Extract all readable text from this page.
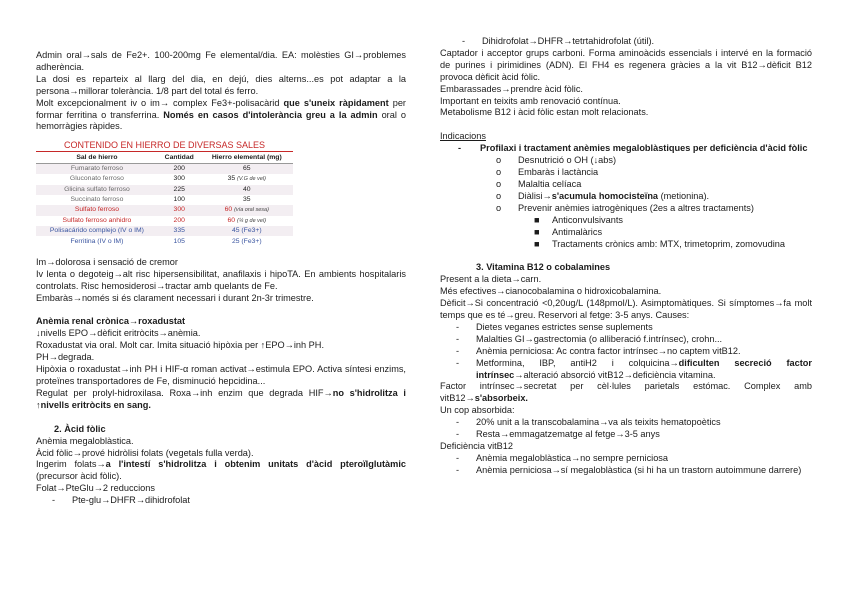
Admin oral→sals de Fe2+. 100-200mg Fe elemental/dia. EA: molèsties GI→problemes adherència.

La dosi es reparteix al llarg del dia, en dejú, dies alterns...es pot adaptar a la persona→millorar tolerància. 1/8 part del total és ferro.

Molt excepcionalment iv o im→ complex Fe3+-polisacàrid que s'uneix ràpidament per formar ferritina o transferrina. Només en casos d'intolerància greu a la admin oral o hemorràgies ràpides.

CONTENIDO EN HIERRO DE DIVERSAS SALES		
Sal de hierro	Cantidad	Hierro elemental (mg)
Fumarato ferroso	200	65
Gluconato ferroso	300	35 (V.G de vel)
Glicina sulfato ferroso	225	40
Succinato ferroso	100	35
Sulfato ferroso	300	60 (vía oral sesa)
Sulfato ferroso anhidro	200	60 (¼ g de vel)
Polisacárido complejo (IV o IM)	335	45 (Fe3+)
Ferritina (IV o IM)	105	25 (Fe3+)

Im→dolorosa i sensació de cremor

Iv lenta o degoteig→alt risc hipersensibilitat, anafilaxis i hipoTA. En ambients hospitalaris controlats. Risc hemosiderosi→tractar amb quelants de Fe.

Embaràs→només si és clarament necessari i durant 2n-3r trimestre.

Anèmia renal crònica→roxadustat

↓nivells EPO→dèficit eritròcits→anèmia.

Roxadustat via oral. Molt car. Imita situació hipòxia per ↑EPO→inh PH.

PH→degrada.

Hipòxia o roxadustat→inh PH i HIF-α roman activat→estimula EPO. Activa síntesi enzims, proteïnes transportadores de Fe, disminució hepcidina...

Regulat per prolyl-hidroxilasa. Roxa→inh enzim que degrada HIF→no s'hidrolitza i ↑nivells eritròcits en sang.

2. Àcid fòlic

Anèmia megaloblàstica.

Àcid fòlic→prové hidròlisi folats (vegetals fulla verda).

Ingerim folats→a l'intestí s'hidrolitza i obtenim unitats d'àcid pteroïlglutàmic (precursor àcid fòlic).

Folat→PteGlu→2 reduccions

- Pte-glu→DHFR→dihidrofolat
- Dihidrofolat→DHFR→tetrtahidrofolat (útil).

Captador i acceptor grups carboni. Forma aminoàcids essencials i intervé en la formació de purines i pirimidines (ADN). El FH4 es regenera gràcies a la vit B12→dèficit B12 provoca dèficit àcid fòlic.

Embarassades→prendre àcid fòlic.

Important en teixits amb renovació contínua.

Metabolisme B12 i àcid fòlic estan molt relacionats.

Indicacions

- Profilaxi i tractament anèmies megaloblàstiques per deficiència d'àcid fòlic
o Desnutrició o OH (↓abs)
o Embaràs i lactància
o Malaltia celíaca
o Diàlisi→s'acumula homocisteïna (metionina).
o Prevenir anèmies iatrogèniques (2es a altres tractaments)
■ Anticonvulsivants
■ Antimalàrics
■ Tractaments crònics amb: MTX, trimetoprim, zomovudina

3. Vitamina B12 o cobalamines

Present a la dieta→carn.

Més efectives→cianocobalamina o hidroxicobalamina.

Dèficit→Si concentració <0,20ug/L (148pmol/L). Asimptomàtiques. Si símptomes→fa molt temps que es té→greu. Reservori al fetge: 3-5 anys. Causes:

- Dietes veganes estrictes sense suplements
- Malalties GI→gastrectomia (o alliberació f.intrínsec), crohn...
- Anèmia perniciosa: Ac contra factor intrínsec→no captem vitB12.
- Metformina, IBP, antiH2 i colquicina→dificulten secreció factor intrínsec→alteració absorció vitB12→deficiència vitamina.

Factor intrínsec→secretat per cèl·lules parietals estómac. Complex amb vitB12→s'absorbeix.

Un cop absorbida:

- 20% unit a la transcobalamina→va als teixits hematopoètics
- Resta→emmagatzematge al fetge→3-5 anys

Deficiència vitB12

- Anèmia megaloblàstica→no sempre perniciosa
- Anèmia perniciosa→sí megaloblàstica (si hi ha un trastorn autoimmune darrere)
